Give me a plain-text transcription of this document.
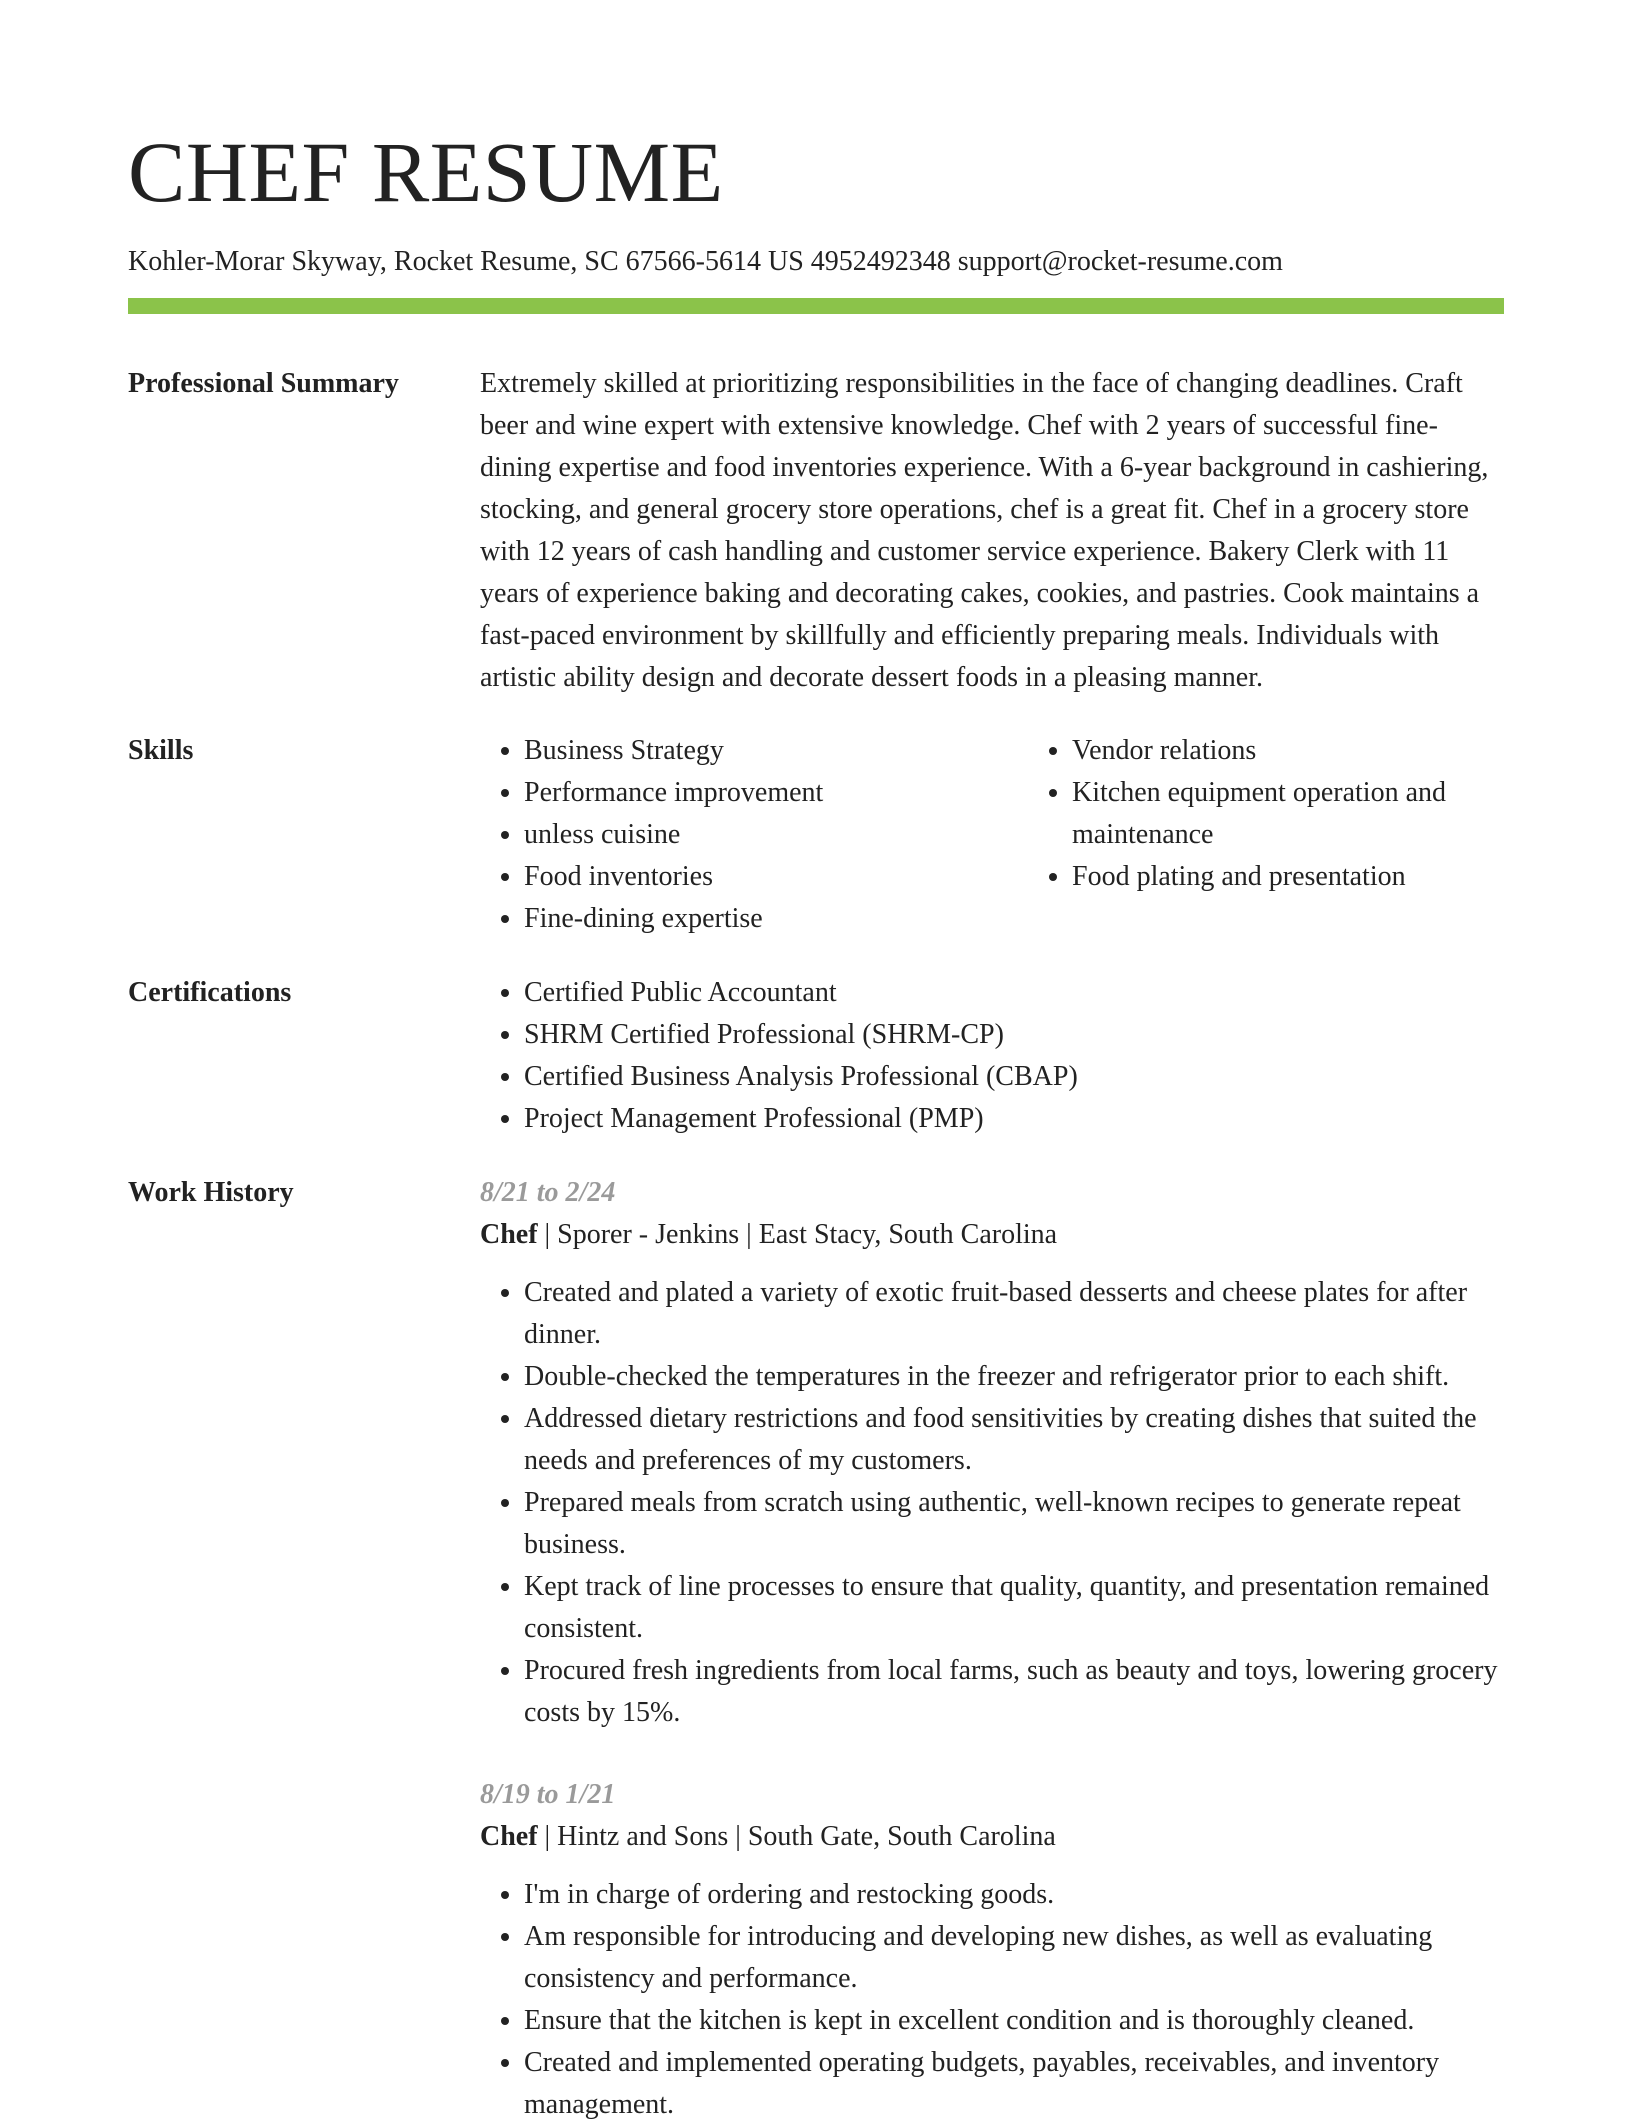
CHEF RESUME
Kohler-Morar Skyway, Rocket Resume, SC 67566-5614 US 4952492348 support@rocket-resume.com
Professional Summary	Extremely skilled at prioritizing responsibilities in the face of changing deadlines. Craft beer and wine expert with extensive knowledge. Chef with 2 years of successful fine-dining expertise and food inventories experience. With a 6-year background in cashiering, stocking, and general grocery store operations, chef is a great fit. Chef in a grocery store with 12 years of cash handling and customer service experience. Bakery Clerk with 11 years of experience baking and decorating cakes, cookies, and pastries. Cook maintains a fast-paced environment by skillfully and efficiently preparing meals. Individuals with artistic ability design and decorate dessert foods in a pleasing manner.

Skills	• Business Strategy
• Performance improvement
• unless cuisine
• Food inventories
• Fine-dining expertise
• Vendor relations
• Kitchen equipment operation and maintenance
• Food plating and presentation
Certifications	• Certified Public Accountant
• SHRM Certified Professional (SHRM-CP)
• Certified Business Analysis Professional (CBAP)
• Project Management Professional (PMP)
Work History	8/21 to 2/24
Chef | Sporer - Jenkins | East Stacy, South Carolina
• Created and plated a variety of exotic fruit-based desserts and cheese plates for after dinner.
• Double-checked the temperatures in the freezer and refrigerator prior to each shift.
• Addressed dietary restrictions and food sensitivities by creating dishes that suited the needs and preferences of my customers.
• Prepared meals from scratch using authentic, well-known recipes to generate repeat business.
• Kept track of line processes to ensure that quality, quantity, and presentation remained consistent.
• Procured fresh ingredients from local farms, such as beauty and toys, lowering grocery costs by 15%.
8/19 to 1/21
Chef | Hintz and Sons | South Gate, South Carolina
• I'm in charge of ordering and restocking goods.
• Am responsible for introducing and developing new dishes, as well as evaluating consistency and performance.
• Ensure that the kitchen is kept in excellent condition and is thoroughly cleaned.
• Created and implemented operating budgets, payables, receivables, and inventory management.
